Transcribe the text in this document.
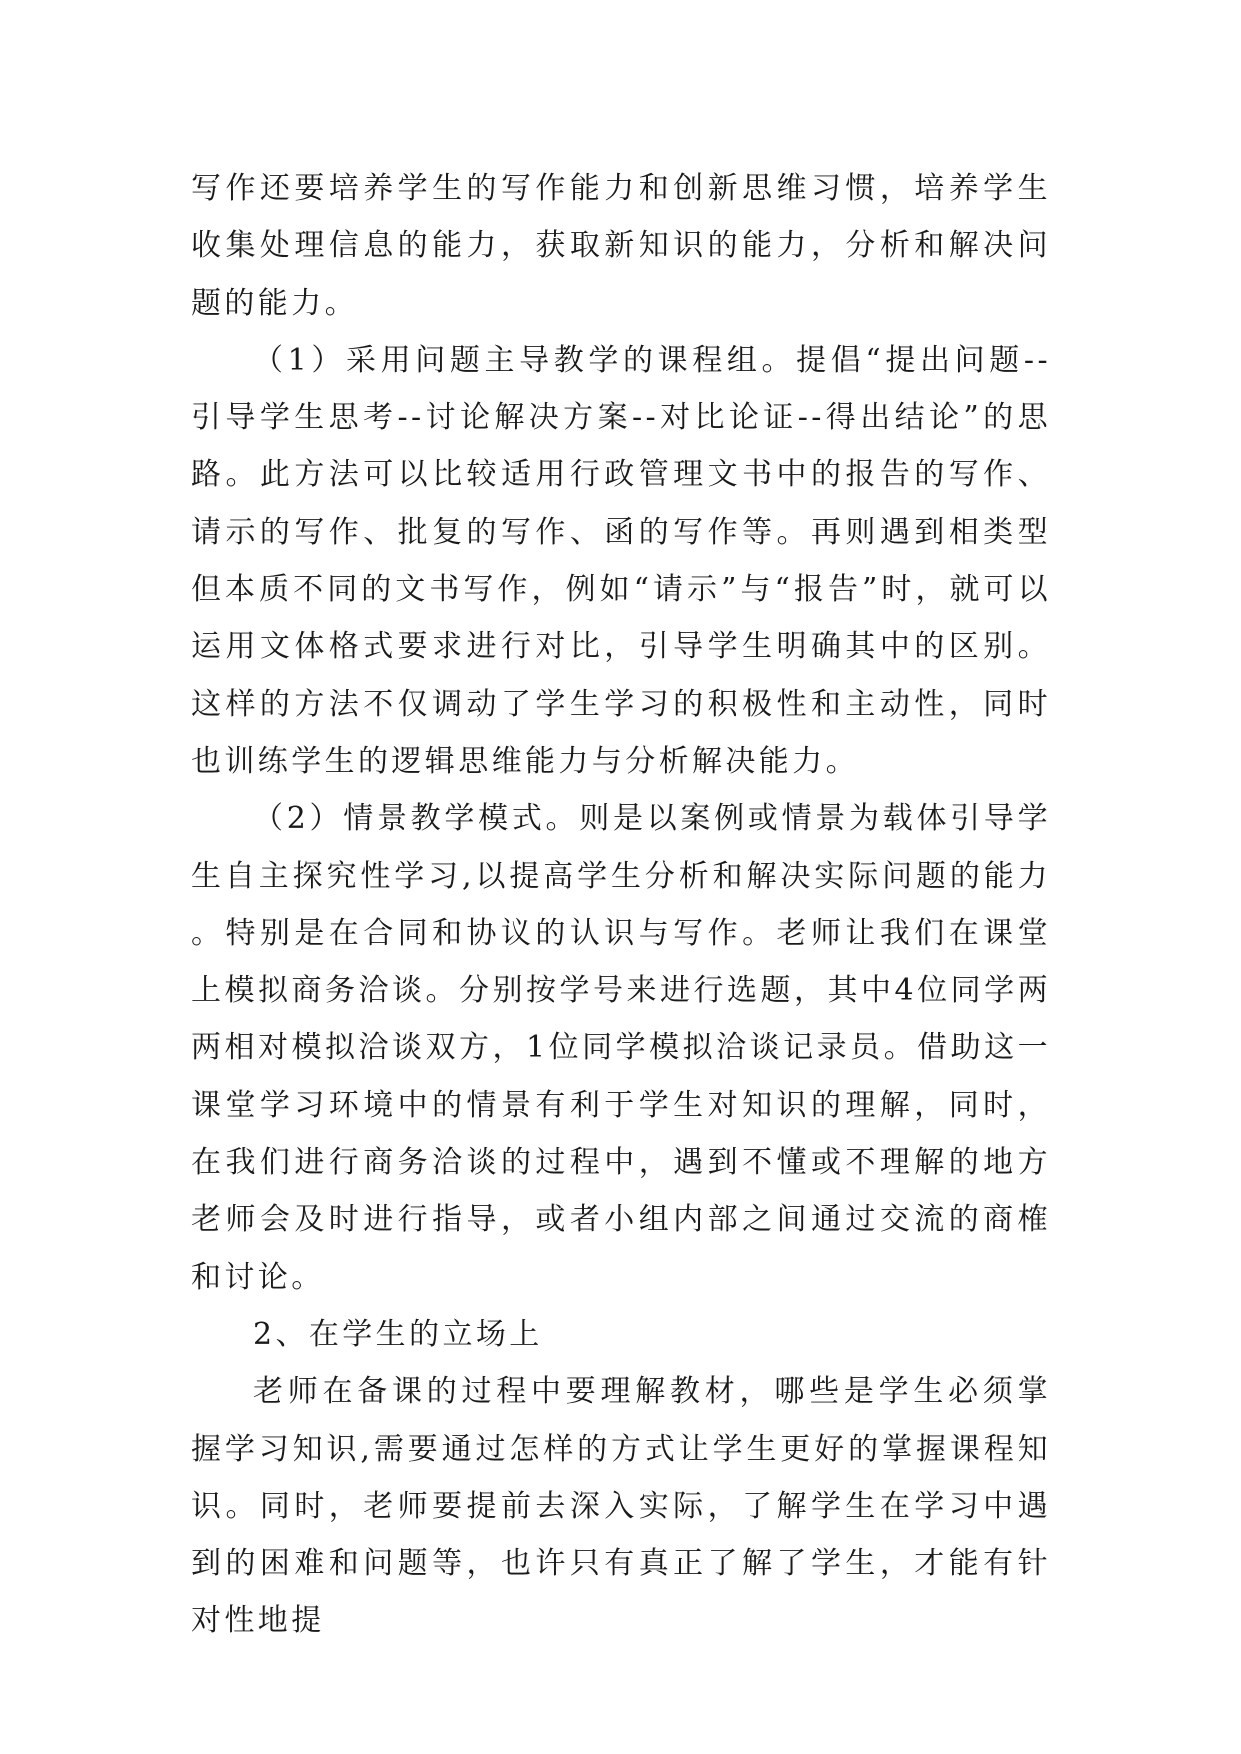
写作还要培养学生的写作能力和创新思维习惯，培养学生收集处理信息的能力，获取新知识的能力，分析和解决问题的能力。

（1）采用问题主导教学的课程组。提倡“提出问题--引导学生思考--讨论解决方案--对比论证--得出结论”的思路。此方法可以比较适用行政管理文书中的报告的写作、请示的写作、批复的写作、函的写作等。再则遇到相类型但本质不同的文书写作，例如“请示”与“报告”时，就可以运用文体格式要求进行对比，引导学生明确其中的区别。这样的方法不仅调动了学生学习的积极性和主动性，同时也训练学生的逻辑思维能力与分析解决能力。

（2）情景教学模式。则是以案例或情景为载体引导学生自主探究性学习,以提高学生分析和解决实际问题的能力。特别是在合同和协议的认识与写作。老师让我们在课堂上模拟商务洽谈。分别按学号来进行选题，其中4位同学两两相对模拟洽谈双方，1位同学模拟洽谈记录员。借助这一课堂学习环境中的情景有利于学生对知识的理解，同时，在我们进行商务洽谈的过程中，遇到不懂或不理解的地方老师会及时进行指导，或者小组内部之间通过交流的商榷和讨论。

2、在学生的立场上

老师在备课的过程中要理解教材，哪些是学生必须掌握学习知识,需要通过怎样的方式让学生更好的掌握课程知识。同时，老师要提前去深入实际，了解学生在学习中遇到的困难和问题等，也许只有真正了解了学生，才能有针对性地提
